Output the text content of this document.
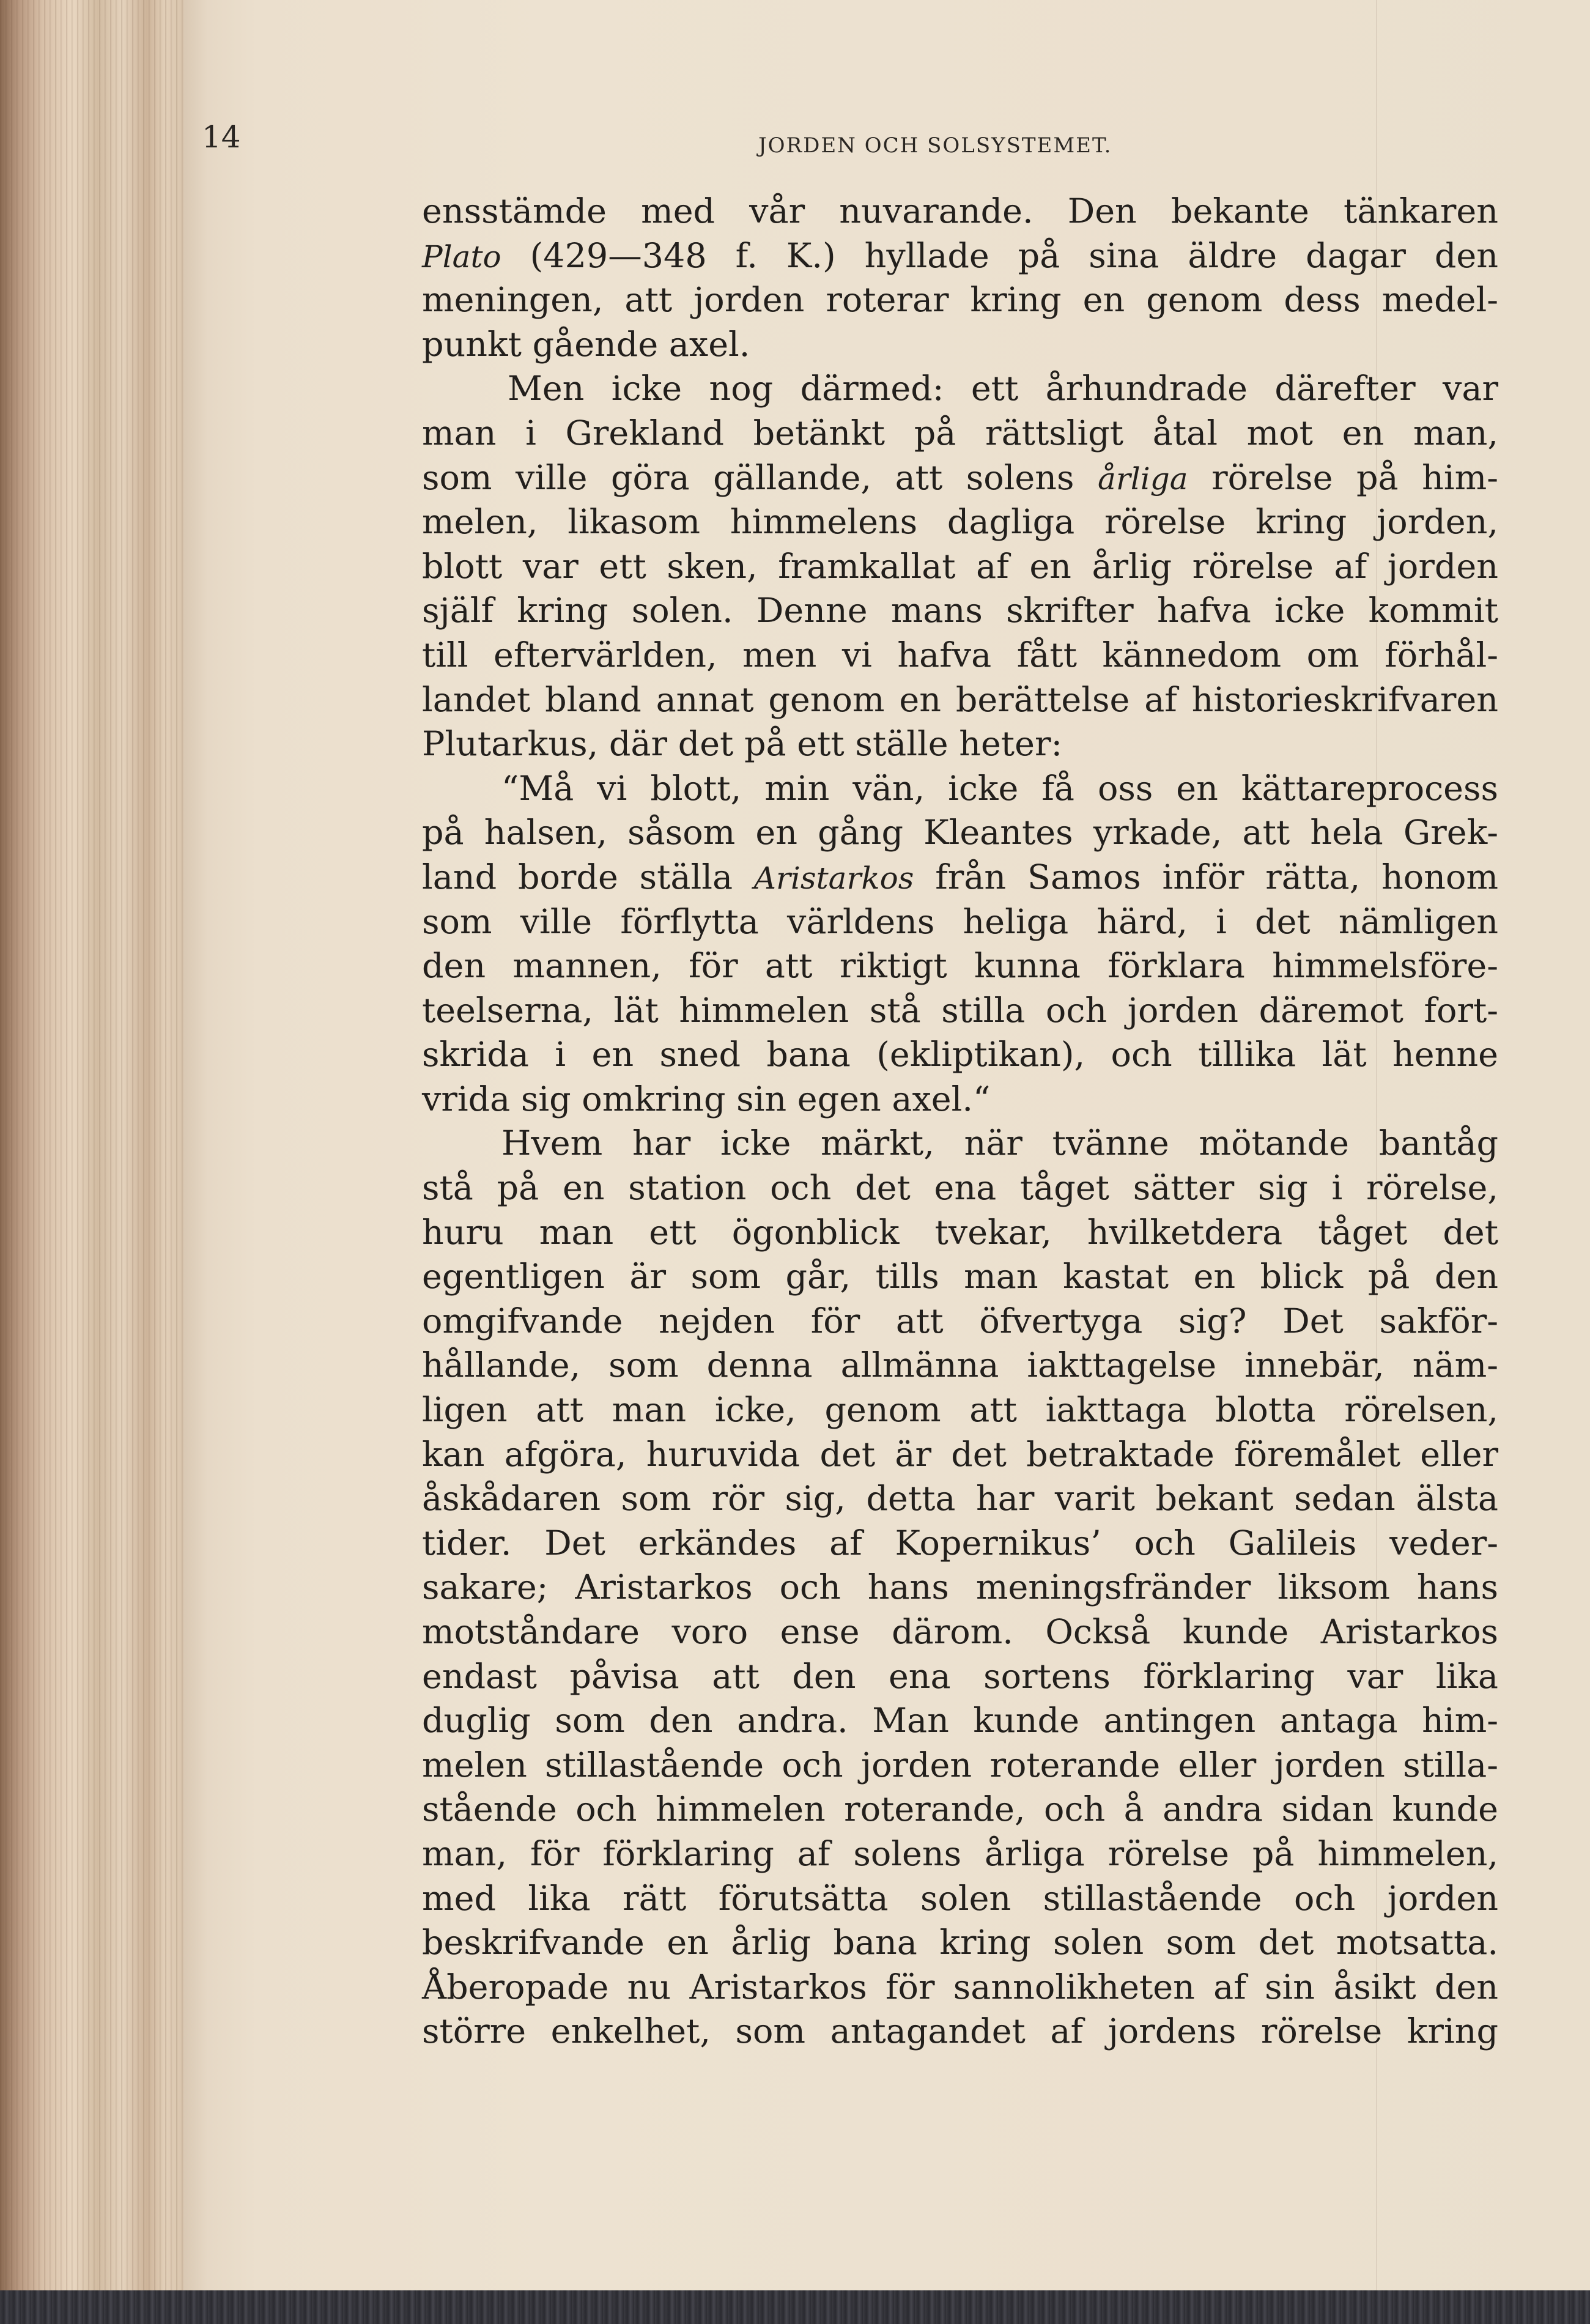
14	JORDEN OCH SOLSYSTEMET.
ensstämde med vår nuvarande. Den bekante tänkaren
Plato (429—348 f. K.) hyllade på sina äldre dagar den
meningen, att jorden roterar kring en genom dess medel-
punkt gående axel.
Men icke nog därmed: ett århundrade därefter var
man i Grekland betänkt på rättsligt åtal mot en man,
som ville göra gällande, att solens årliga rörelse på him-
melen, likasom himmelens dagliga rörelse kring jorden,
blott var ett sken, framkallat af en årlig rörelse af jorden
själf kring solen. Denne mans skrifter hafva icke kommit
till eftervärlden, men vi hafva fått kännedom om förhål-
landet bland annat genom en berättelse af historieskrifvaren
Plutarkus, där det på ett ställe heter:
“Må vi blott, min vän, icke få oss en kättareprocess
på halsen, såsom en gång Kleantes yrkade, att hela Grek-
land borde ställa Aristarkos från Samos inför rätta, honom
som ville förflytta världens heliga härd, i det nämligen
den mannen, för att riktigt kunna förklara himmelsföre-
teelserna, lät himmelen stå stilla och jorden däremot fort-
skrida i en sned bana (ekliptikan), och tillika lät henne
vrida sig omkring sin egen axel.“
Hvem har icke märkt, när tvänne mötande bantåg
stå på en station och det ena tåget sätter sig i rörelse,
huru man ett ögonblick tvekar, hvilketdera tåget det
egentligen är som går, tills man kastat en blick på den
omgifvande nejden för att öfvertyga sig? Det sakför-
hållande, som denna allmänna iakttagelse innebär, näm-
ligen att man icke, genom att iakttaga blotta rörelsen,
kan afgöra, huruvida det är det betraktade föremålet eller
åskådaren som rör sig, detta har varit bekant sedan älsta
tider. Det erkändes af Kopernikus’ och Galileis veder-
sakare; Aristarkos och hans meningsfränder liksom hans
motståndare voro ense därom. Också kunde Aristarkos
endast påvisa att den ena sortens förklaring var lika
duglig som den andra. Man kunde antingen antaga him-
melen stillastående och jorden roterande eller jorden stilla-
stående och himmelen roterande, och å andra sidan kunde
man, för förklaring af solens årliga rörelse på himmelen,
med lika rätt förutsätta solen stillastående och jorden
beskrifvande en årlig bana kring solen som det motsatta.
Åberopade nu Aristarkos för sannolikheten af sin åsikt den
större enkelhet, som antagandet af jordens rörelse kring
